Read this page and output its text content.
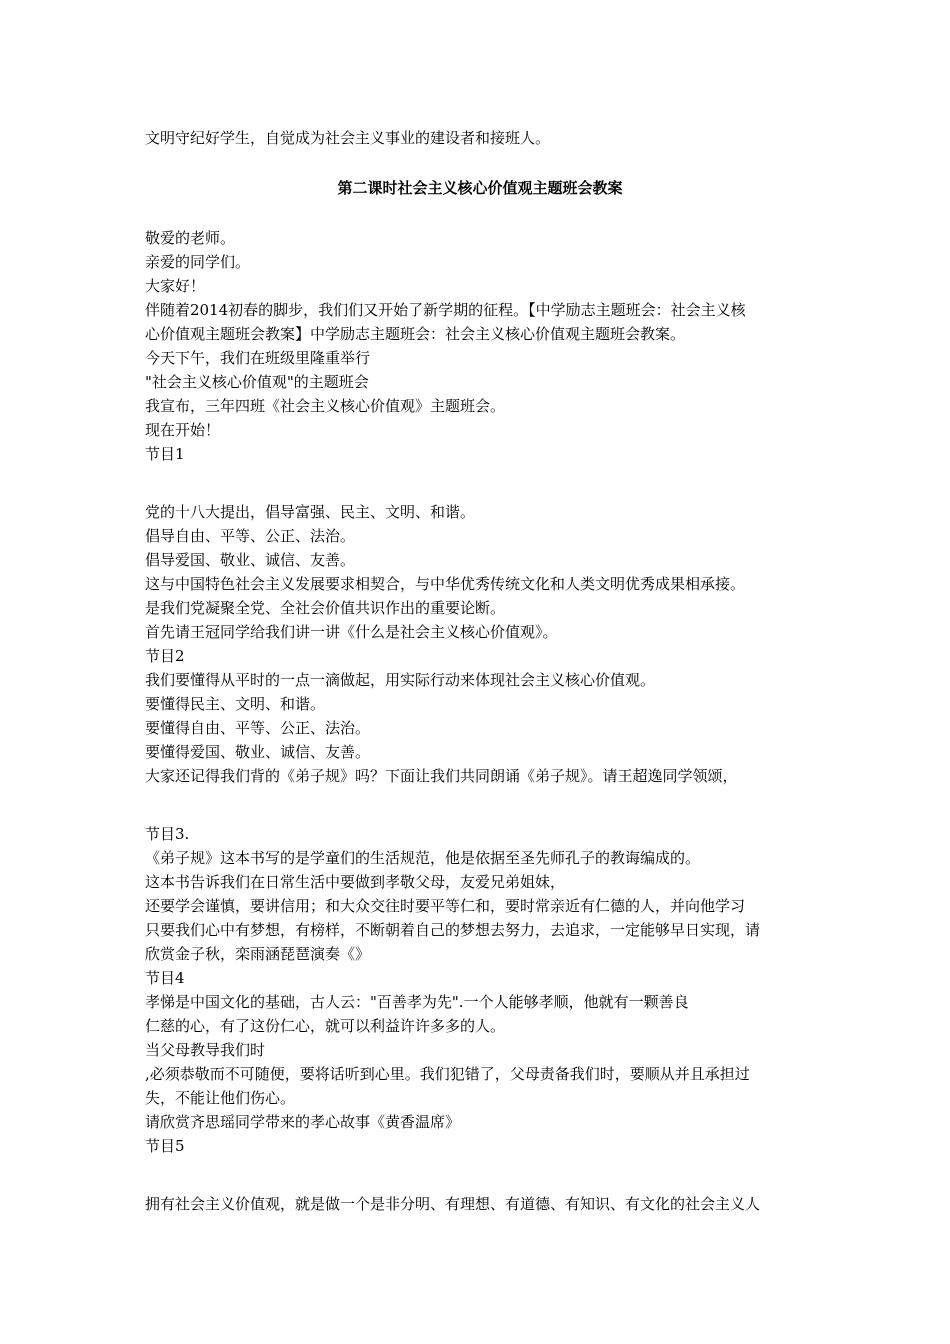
文明守纪好学生，自觉成为社会主义事业的建设者和接班人。
第二课时社会主义核心价值观主题班会教案
敬爱的老师。
亲爱的同学们。
大家好！
伴随着2014初春的脚步，我们们又开始了新学期的征程。【中学励志主题班会：社会主义核
心价值观主题班会教案】中学励志主题班会：社会主义核心价值观主题班会教案。
今天下午，我们在班级里隆重举行
"社会主义核心价值观"的主题班会
我宣布，三年四班《社会主义核心价值观》主题班会。
现在开始！
节目1
党的十八大提出，倡导富强、民主、文明、和谐。
倡导自由、平等、公正、法治。
倡导爱国、敬业、诚信、友善。
这与中国特色社会主义发展要求相契合，与中华优秀传统文化和人类文明优秀成果相承接。
是我们党凝聚全党、全社会价值共识作出的重要论断。
首先请王冠同学给我们讲一讲《什么是社会主义核心价值观》。
节目2
我们要懂得从平时的一点一滴做起，用实际行动来体现社会主义核心价值观。
要懂得民主、文明、和谐。
要懂得自由、平等、公正、法治。
要懂得爱国、敬业、诚信、友善。
大家还记得我们背的《弟子规》吗？下面让我们共同朗诵《弟子规》。请王超逸同学领颂，
节目3.
《弟子规》这本书写的是学童们的生活规范，他是依据至圣先师孔子的教诲编成的。
这本书告诉我们在日常生活中要做到孝敬父母，友爱兄弟姐妹，
还要学会谨慎，要讲信用；和大众交往时要平等仁和，要时常亲近有仁德的人，并向他学习
只要我们心中有梦想，有榜样，不断朝着自己的梦想去努力，去追求，一定能够早日实现，请
欣赏金子秋，栾雨涵琵琶演奏《》
节目4
孝悌是中国文化的基础，古人云："百善孝为先".一个人能够孝顺，他就有一颗善良
仁慈的心，有了这份仁心，就可以利益许许多多的人。
当父母教导我们时
,必须恭敬而不可随便，要将话听到心里。我们犯错了，父母责备我们时，要顺从并且承担过
失，不能让他们伤心。
请欣赏齐思瑶同学带来的孝心故事《黄香温席》
节目5
拥有社会主义价值观，就是做一个是非分明、有理想、有道德、有知识、有文化的社会主义人
